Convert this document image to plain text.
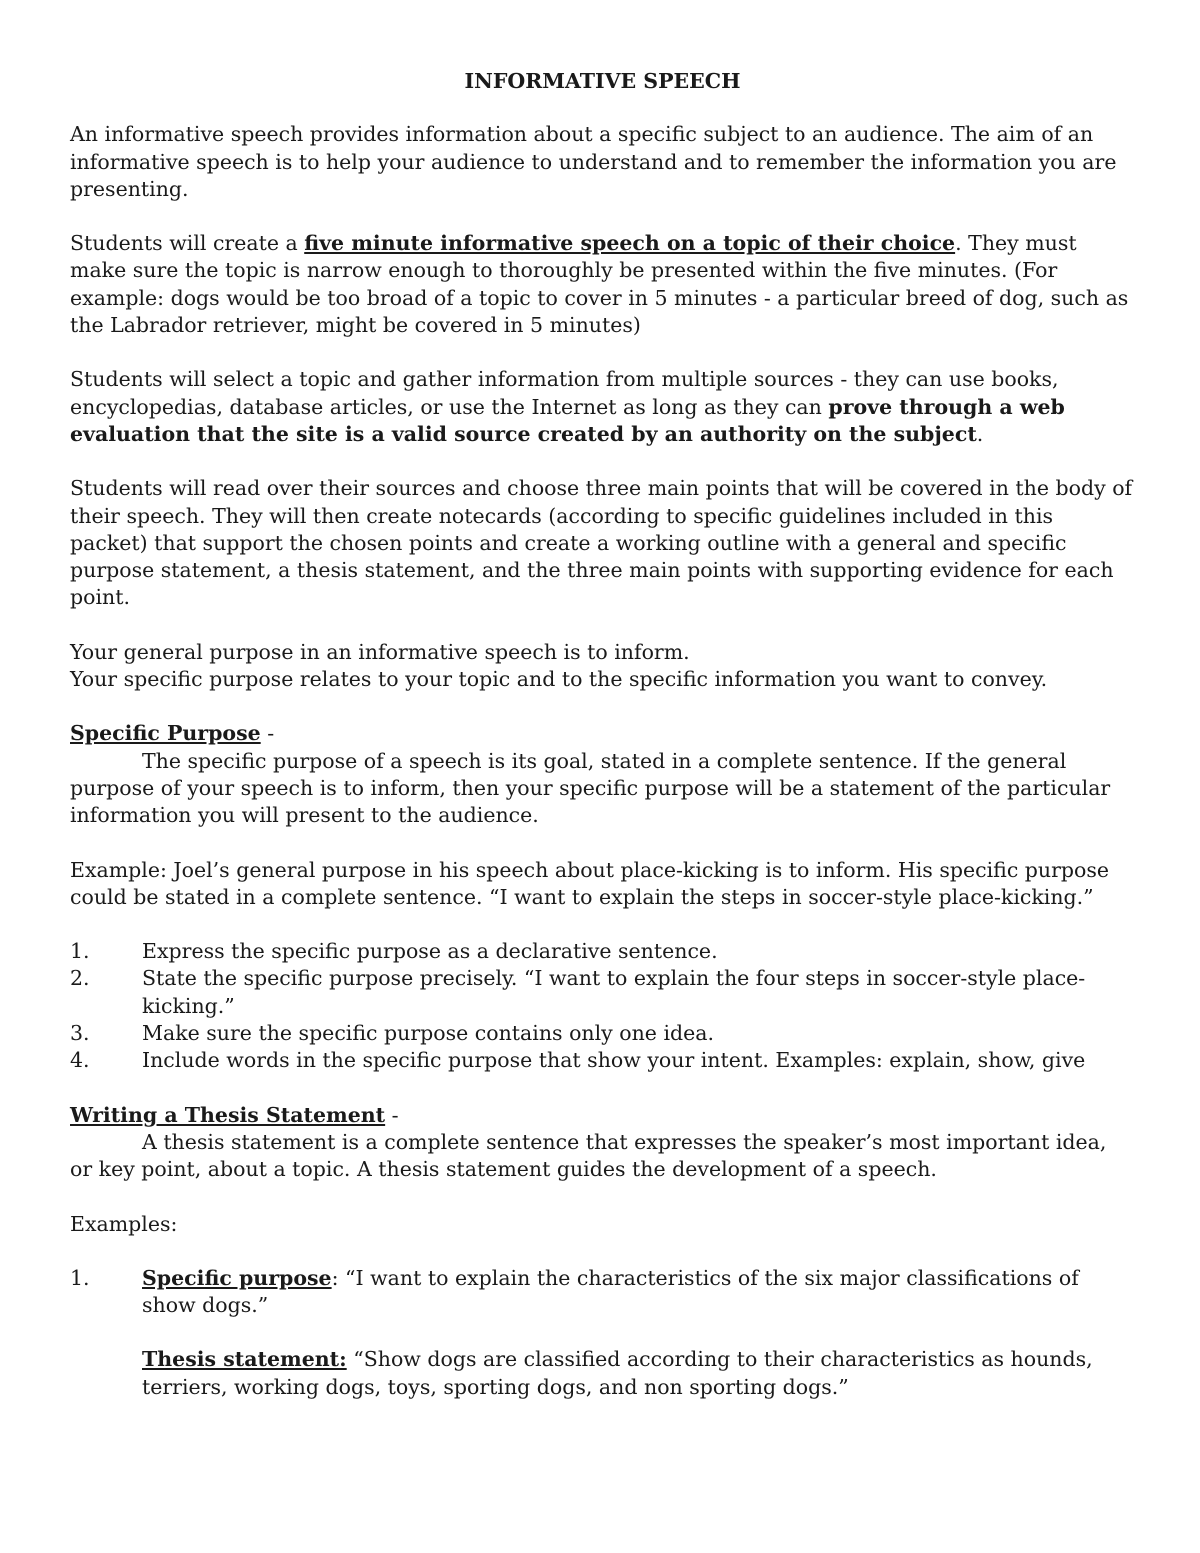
INFORMATIVE SPEECH

An informative speech provides information about a specific subject to an audience. The aim of an informative speech is to help your audience to understand and to remember the information you are presenting.

Students will create a five minute informative speech on a topic of their choice. They must make sure the topic is narrow enough to thoroughly be presented within the five minutes. (For example: dogs would be too broad of a topic to cover in 5 minutes - a particular breed of dog, such as the Labrador retriever, might be covered in 5 minutes)

Students will select a topic and gather information from multiple sources - they can use books, encyclopedias, database articles, or use the Internet as long as they can prove through a web evaluation that the site is a valid source created by an authority on the subject.

Students will read over their sources and choose three main points that will be covered in the body of their speech. They will then create notecards (according to specific guidelines included in this packet) that support the chosen points and create a working outline with a general and specific purpose statement, a thesis statement, and the three main points with supporting evidence for each point.

Your general purpose in an informative speech is to inform.

Your specific purpose relates to your topic and to the specific information you want to convey.

Specific Purpose -

The specific purpose of a speech is its goal, stated in a complete sentence. If the general purpose of your speech is to inform, then your specific purpose will be a statement of the particular information you will present to the audience.

Example: Joel’s general purpose in his speech about place-kicking is to inform. His specific purpose could be stated in a complete sentence. “I want to explain the steps in soccer-style place-kicking.”

1.	Express the specific purpose as a declarative sentence.
2.	State the specific purpose precisely. “I want to explain the four steps in soccer-style place-kicking.”
3.	Make sure the specific purpose contains only one idea.
4.	Include words in the specific purpose that show your intent. Examples: explain, show, give

Writing a Thesis Statement -

A thesis statement is a complete sentence that expresses the speaker’s most important idea, or key point, about a topic. A thesis statement guides the development of a speech.

Examples:

1.	Specific purpose: “I want to explain the characteristics of the six major classifications of show dogs.”
Thesis statement: “Show dogs are classified according to their characteristics as hounds, terriers, working dogs, toys, sporting dogs, and non sporting dogs.”
